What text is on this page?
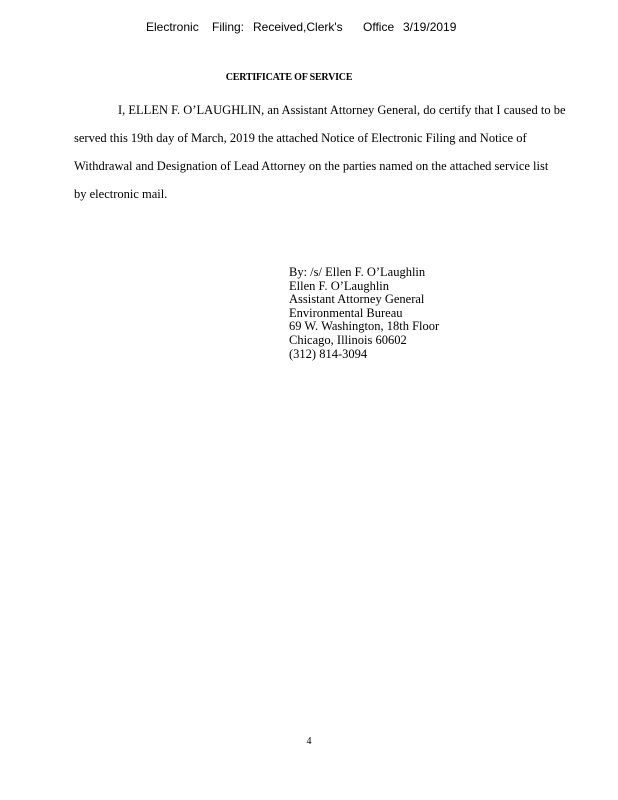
Electronic Filing: Received,Clerk's Office 3/19/2019
CERTIFICATE OF SERVICE
I, ELLEN F. O’LAUGHLIN, an Assistant Attorney General, do certify that I caused to be
served this 19th day of March, 2019 the attached Notice of Electronic Filing and Notice of
Withdrawal and Designation of Lead Attorney on the parties named on the attached service list
by electronic mail.
By: /s/ Ellen F. O’Laughlin
Ellen F. O’Laughlin
Assistant Attorney General
Environmental Bureau
69 W. Washington, 18th Floor
Chicago, Illinois 60602
(312) 814-3094
4
